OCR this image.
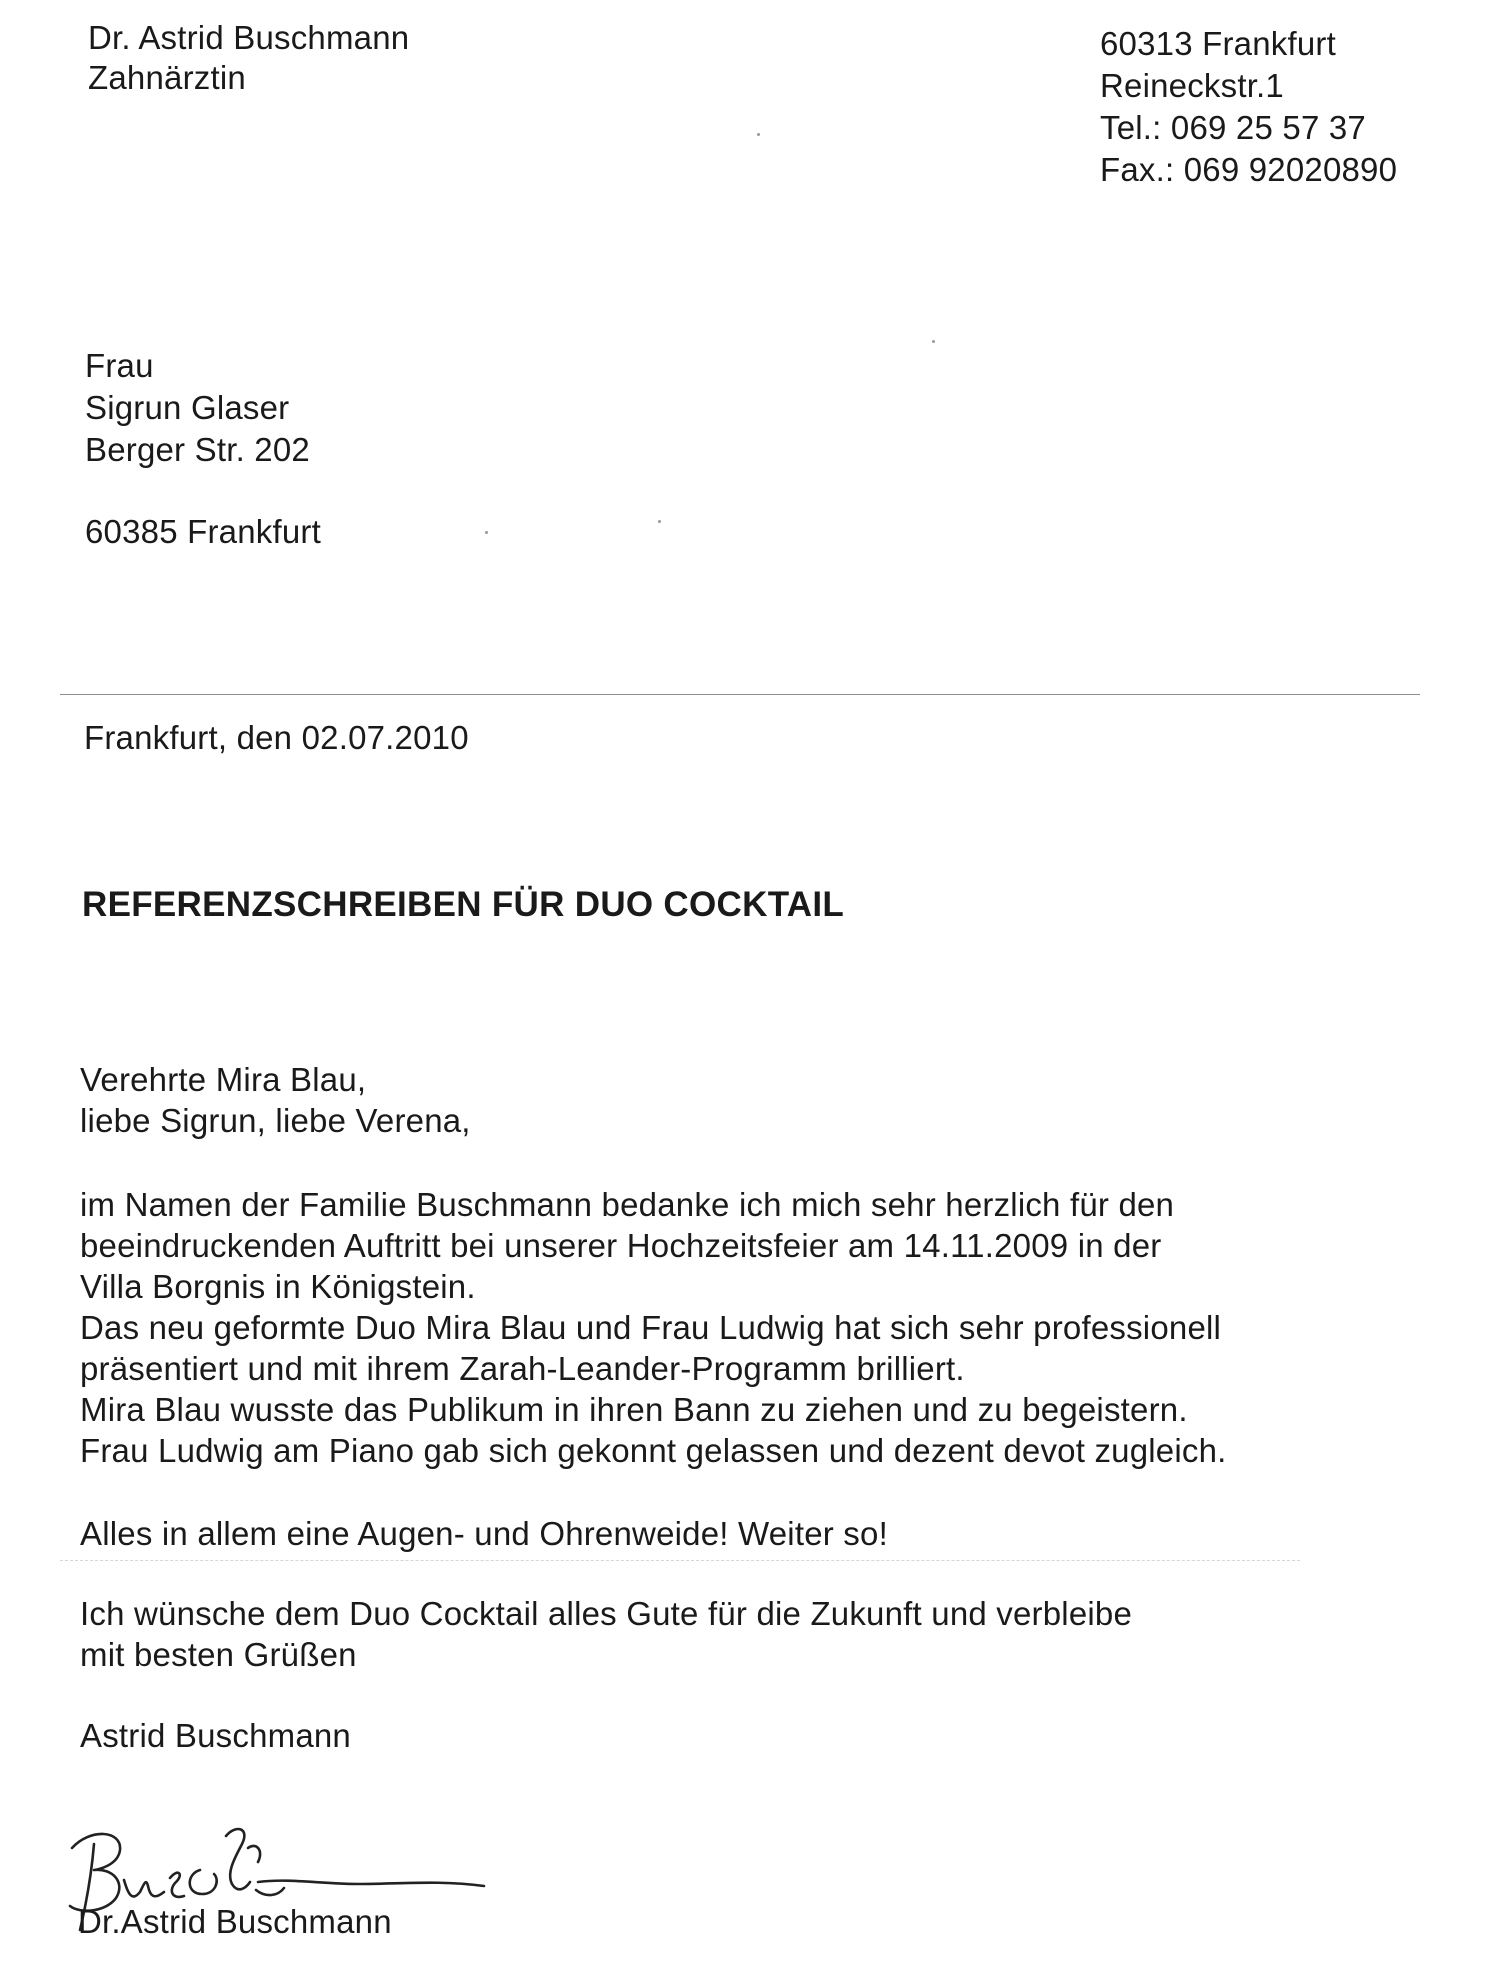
Dr. Astrid Buschmann
Zahnärztin
60313 Frankfurt
Reineckstr.1
Tel.: 069 25 57 37
Fax.: 069 92020890
Frau
Sigrun Glaser
Berger Str. 202
60385 Frankfurt
Frankfurt, den 02.07.2010
REFERENZSCHREIBEN FÜR DUO COCKTAIL
Verehrte Mira Blau,
liebe Sigrun, liebe Verena,
im Namen der Familie Buschmann bedanke ich mich sehr herzlich für den
beeindruckenden Auftritt bei unserer Hochzeitsfeier am 14.11.2009 in der
Villa Borgnis in Königstein.
Das neu geformte Duo Mira Blau und Frau Ludwig hat sich sehr professionell
präsentiert und mit ihrem Zarah-Leander-Programm brilliert.
Mira Blau wusste das Publikum in ihren Bann zu ziehen und zu begeistern.
Frau Ludwig am Piano gab sich gekonnt gelassen und dezent devot zugleich.
Alles in allem eine Augen- und Ohrenweide! Weiter so!
Ich wünsche dem Duo Cocktail alles Gute für die Zukunft und verbleibe
mit besten Grüßen
Astrid Buschmann
Dr.Astrid Buschmann
